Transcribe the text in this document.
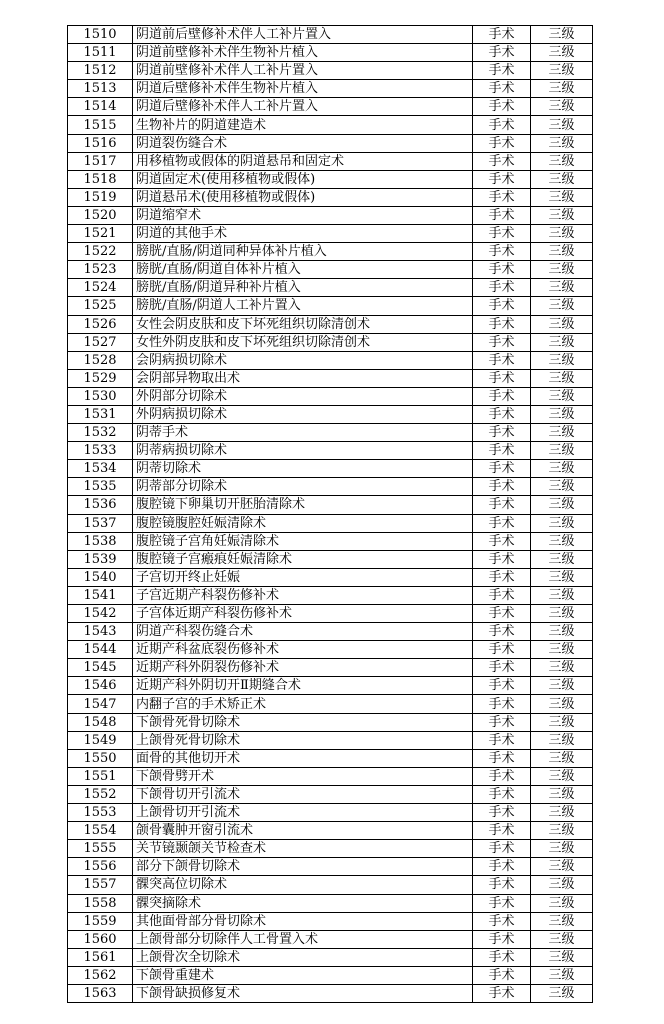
1510	阴道前后壁修补术伴人工补片置入	手术	三级
1511	阴道前壁修补术伴生物补片植入	手术	三级
1512	阴道前壁修补术伴人工补片置入	手术	三级
1513	阴道后壁修补术伴生物补片植入	手术	三级
1514	阴道后壁修补术伴人工补片置入	手术	三级
1515	生物补片的阴道建造术	手术	三级
1516	阴道裂伤缝合术	手术	三级
1517	用移植物或假体的阴道悬吊和固定术	手术	三级
1518	阴道固定术(使用移植物或假体)	手术	三级
1519	阴道悬吊术(使用移植物或假体)	手术	三级
1520	阴道缩窄术	手术	三级
1521	阴道的其他手术	手术	三级
1522	膀胱/直肠/阴道同种异体补片植入	手术	三级
1523	膀胱/直肠/阴道自体补片植入	手术	三级
1524	膀胱/直肠/阴道异种补片植入	手术	三级
1525	膀胱/直肠/阴道人工补片置入	手术	三级
1526	女性会阴皮肤和皮下坏死组织切除清创术	手术	三级
1527	女性外阴皮肤和皮下坏死组织切除清创术	手术	三级
1528	会阴病损切除术	手术	三级
1529	会阴部异物取出术	手术	三级
1530	外阴部分切除术	手术	三级
1531	外阴病损切除术	手术	三级
1532	阴蒂手术	手术	三级
1533	阴蒂病损切除术	手术	三级
1534	阴蒂切除术	手术	三级
1535	阴蒂部分切除术	手术	三级
1536	腹腔镜下卵巢切开胚胎清除术	手术	三级
1537	腹腔镜腹腔妊娠清除术	手术	三级
1538	腹腔镜子宫角妊娠清除术	手术	三级
1539	腹腔镜子宫瘢痕妊娠清除术	手术	三级
1540	子宫切开终止妊娠	手术	三级
1541	子宫近期产科裂伤修补术	手术	三级
1542	子宫体近期产科裂伤修补术	手术	三级
1543	阴道产科裂伤缝合术	手术	三级
1544	近期产科盆底裂伤修补术	手术	三级
1545	近期产科外阴裂伤修补术	手术	三级
1546	近期产科外阴切开Ⅱ期缝合术	手术	三级
1547	内翻子宫的手术矫正术	手术	三级
1548	下颌骨死骨切除术	手术	三级
1549	上颌骨死骨切除术	手术	三级
1550	面骨的其他切开术	手术	三级
1551	下颌骨劈开术	手术	三级
1552	下颌骨切开引流术	手术	三级
1553	上颌骨切开引流术	手术	三级
1554	颌骨囊肿开窗引流术	手术	三级
1555	关节镜颞颌关节检查术	手术	三级
1556	部分下颌骨切除术	手术	三级
1557	髁突高位切除术	手术	三级
1558	髁突摘除术	手术	三级
1559	其他面骨部分骨切除术	手术	三级
1560	上颌骨部分切除伴人工骨置入术	手术	三级
1561	上颌骨次全切除术	手术	三级
1562	下颌骨重建术	手术	三级
1563	下颌骨缺损修复术	手术	三级
